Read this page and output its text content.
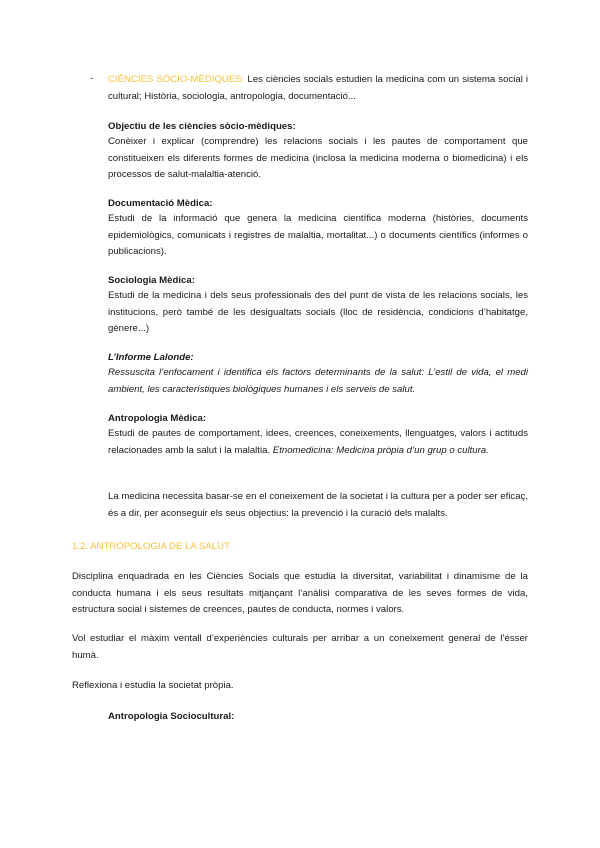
- CIÈNCIES SÒCIO-MÈDIQUES: Les ciències socials estudien la medicina com un sistema social i cultural; Història, sociologia, antropologia, documentació...
Objectiu de les ciències sòcio-mèdiques:
Conèixer i explicar (comprendre) les relacions socials i les pautes de comportament que constitueixen els diferents formes de medicina (inclosa la medicina moderna o biomedicina) i els processos de salut-malaltia-atenció.
Documentació Mèdica:
Estudi de la informació que genera la medicina científica moderna (històries, documents epidemiològics, comunicats i registres de malaltia, mortalitat...) o documents científics (informes o publicacions).
Sociologia Mèdica:
Estudi de la medicina i dels seus professionals des del punt de vista de les relacions socials, les institucions, però també de les desigualtats socials (lloc de residència, condicions d’habitatge, gènere...)
L’Informe Lalonde:
Ressuscita l’enfocament i identifica els factors determinants de la salut: L’estil de vida, el medi ambient, les característiques biològiques humanes i els serveis de salut.
Antropologia Mèdica:
Estudi de pautes de comportament, idees, creences, coneixements, llenguatges, valors i actituds relacionades amb la salut i la malaltia. Etnomedicina: Medicina pròpia d’un grup o cultura.
La medicina necessita basar-se en el coneixement de la societat i la cultura per a poder ser eficaç, és a dir, per aconseguir els seus objectius: la prevenció i la curació dels malalts.
1.2. ANTROPOLOGIA DE LA SALUT
Disciplina enquadrada en les Ciències Socials que estudia la diversitat, variabilitat i dinamisme de la conducta humana i els seus resultats mitjançant l’anàlisi comparativa de les seves formes de vida, estructura social i sistemes de creences, pautes de conducta, normes i valors.
Vol estudiar el màxim ventall d’experiències culturals per arribar a un coneixement general de l’ésser humà.
Reflexiona i estudia la societat pròpia.
Antropologia Sociocultural:
